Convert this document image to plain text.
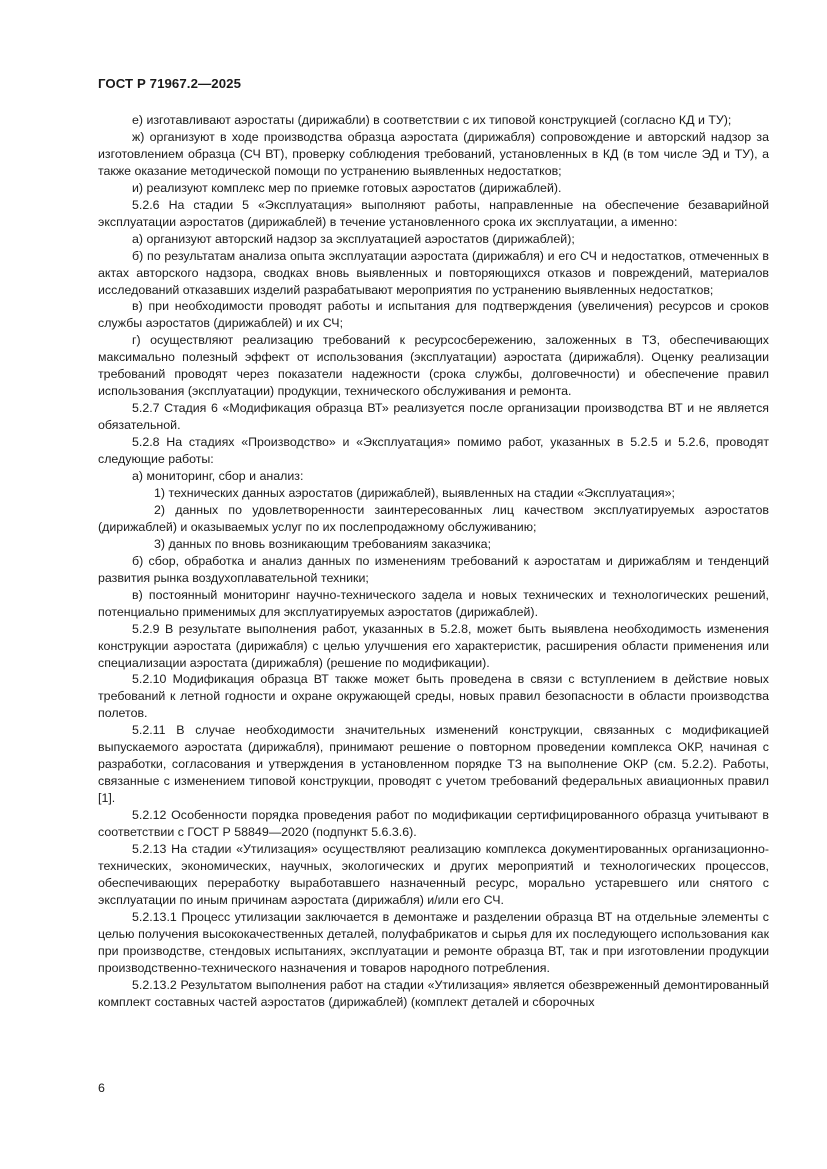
ГОСТ Р 71967.2—2025

е) изготавливают аэростаты (дирижабли) в соответствии с их типовой конструкцией (согласно КД и ТУ);

ж) организуют в ходе производства образца аэростата (дирижабля) сопровождение и авторский надзор за изготовлением образца (СЧ ВТ), проверку соблюдения требований, установленных в КД (в том числе ЭД и ТУ), а также оказание методической помощи по устранению выявленных недостатков;

и) реализуют комплекс мер по приемке готовых аэростатов (дирижаблей).

5.2.6 На стадии 5 «Эксплуатация» выполняют работы, направленные на обеспечение безаварийной эксплуатации аэростатов (дирижаблей) в течение установленного срока их эксплуатации, а именно:

а) организуют авторский надзор за эксплуатацией аэростатов (дирижаблей);

б) по результатам анализа опыта эксплуатации аэростата (дирижабля) и его СЧ и недостатков, отмеченных в актах авторского надзора, сводках вновь выявленных и повторяющихся отказов и повреждений, материалов исследований отказавших изделий разрабатывают мероприятия по устранению выявленных недостатков;

в) при необходимости проводят работы и испытания для подтверждения (увеличения) ресурсов и сроков службы аэростатов (дирижаблей) и их СЧ;

г) осуществляют реализацию требований к ресурсосбережению, заложенных в ТЗ, обеспечивающих максимально полезный эффект от использования (эксплуатации) аэростата (дирижабля). Оценку реализации требований проводят через показатели надежности (срока службы, долговечности) и обеспечение правил использования (эксплуатации) продукции, технического обслуживания и ремонта.

5.2.7 Стадия 6 «Модификация образца ВТ» реализуется после организации производства ВТ и не является обязательной.

5.2.8 На стадиях «Производство» и «Эксплуатация» помимо работ, указанных в 5.2.5 и 5.2.6, проводят следующие работы:

а) мониторинг, сбор и анализ:

1) технических данных аэростатов (дирижаблей), выявленных на стадии «Эксплуатация»;

2) данных по удовлетворенности заинтересованных лиц качеством эксплуатируемых аэростатов (дирижаблей) и оказываемых услуг по их послепродажному обслуживанию;

3) данных по вновь возникающим требованиям заказчика;

б) сбор, обработка и анализ данных по изменениям требований к аэростатам и дирижаблям и тенденций развития рынка воздухоплавательной техники;

в) постоянный мониторинг научно-технического задела и новых технических и технологических решений, потенциально применимых для эксплуатируемых аэростатов (дирижаблей).

5.2.9 В результате выполнения работ, указанных в 5.2.8, может быть выявлена необходимость изменения конструкции аэростата (дирижабля) с целью улучшения его характеристик, расширения области применения или специализации аэростата (дирижабля) (решение по модификации).

5.2.10 Модификация образца ВТ также может быть проведена в связи с вступлением в действие новых требований к летной годности и охране окружающей среды, новых правил безопасности в области производства полетов.

5.2.11 В случае необходимости значительных изменений конструкции, связанных с модификацией выпускаемого аэростата (дирижабля), принимают решение о повторном проведении комплекса ОКР, начиная с разработки, согласования и утверждения в установленном порядке ТЗ на выполнение ОКР (см. 5.2.2). Работы, связанные с изменением типовой конструкции, проводят с учетом требований федеральных авиационных правил [1].

5.2.12 Особенности порядка проведения работ по модификации сертифицированного образца учитывают в соответствии с ГОСТ Р 58849—2020 (подпункт 5.6.3.6).

5.2.13 На стадии «Утилизация» осуществляют реализацию комплекса документированных организационно-технических, экономических, научных, экологических и других мероприятий и технологических процессов, обеспечивающих переработку выработавшего назначенный ресурс, морально устаревшего или снятого с эксплуатации по иным причинам аэростата (дирижабля) и/или его СЧ.

5.2.13.1 Процесс утилизации заключается в демонтаже и разделении образца ВТ на отдельные элементы с целью получения высококачественных деталей, полуфабрикатов и сырья для их последующего использования как при производстве, стендовых испытаниях, эксплуатации и ремонте образца ВТ, так и при изготовлении продукции производственно-технического назначения и товаров народного потребления.

5.2.13.2 Результатом выполнения работ на стадии «Утилизация» является обезвреженный демонтированный комплект составных частей аэростатов (дирижаблей) (комплект деталей и сборочных

6
